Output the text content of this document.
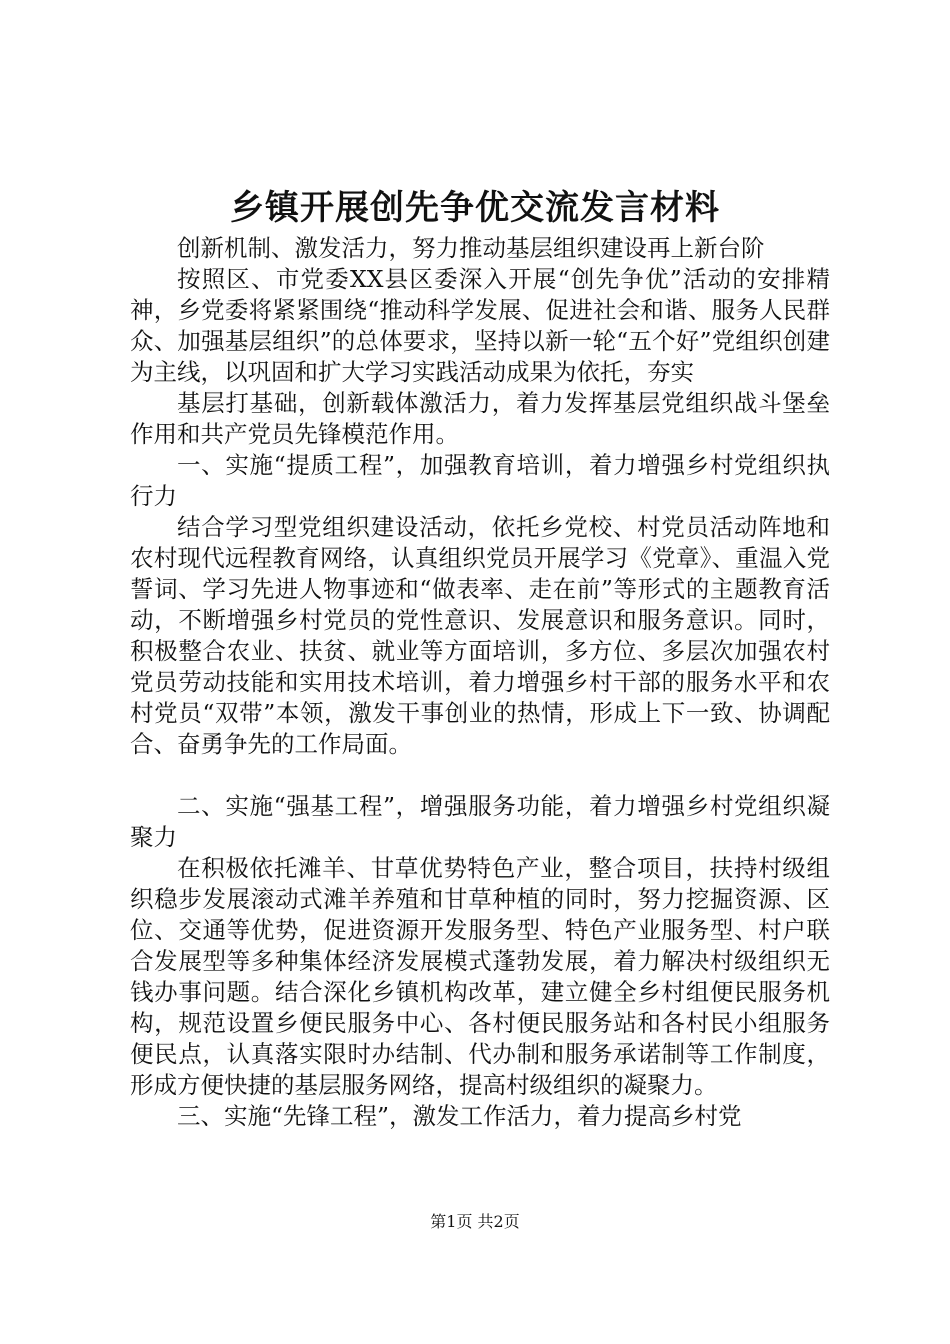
乡镇开展创先争优交流发言材料

创新机制、激发活力，努力推动基层组织建设再上新台阶

按照区、市党委XX县区委深入开展“创先争优”活动的安排精神，乡党委将紧紧围绕“推动科学发展、促进社会和谐、服务人民群众、加强基层组织”的总体要求，坚持以新一轮“五个好”党组织创建为主线，以巩固和扩大学习实践活动成果为依托，夯实

基层打基础，创新载体激活力，着力发挥基层党组织战斗堡垒作用和共产党员先锋模范作用。

一、实施“提质工程”，加强教育培训，着力增强乡村党组织执行力

结合学习型党组织建设活动，依托乡党校、村党员活动阵地和农村现代远程教育网络，认真组织党员开展学习《党章》、重温入党誓词、学习先进人物事迹和“做表率、走在前”等形式的主题教育活动，不断增强乡村党员的党性意识、发展意识和服务意识。同时，积极整合农业、扶贫、就业等方面培训，多方位、多层次加强农村党员劳动技能和实用技术培训，着力增强乡村干部的服务水平和农村党员“双带”本领，激发干事创业的热情，形成上下一致、协调配合、奋勇争先的工作局面。

二、实施“强基工程”，增强服务功能，着力增强乡村党组织凝聚力

在积极依托滩羊、甘草优势特色产业，整合项目，扶持村级组织稳步发展滚动式滩羊养殖和甘草种植的同时，努力挖掘资源、区位、交通等优势，促进资源开发服务型、特色产业服务型、村户联合发展型等多种集体经济发展模式蓬勃发展，着力解决村级组织无钱办事问题。结合深化乡镇机构改革，建立健全乡村组便民服务机构，规范设置乡便民服务中心、各村便民服务站和各村民小组服务便民点，认真落实限时办结制、代办制和服务承诺制等工作制度，形成方便快捷的基层服务网络，提高村级组织的凝聚力。

三、实施“先锋工程”，激发工作活力，着力提高乡村党

第1页 共2页
